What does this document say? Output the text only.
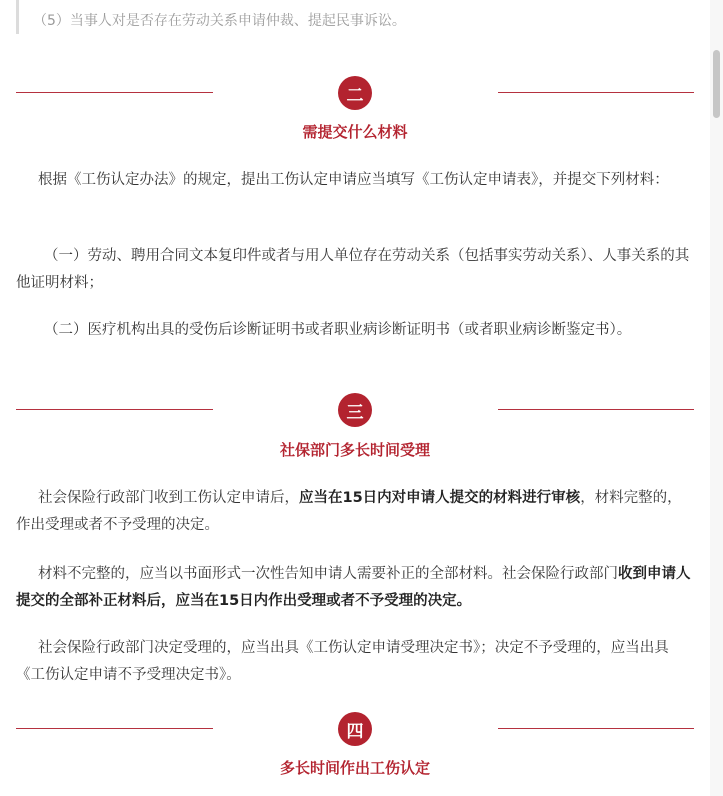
（5）当事人对是否存在劳动关系申请仲裁、提起民事诉讼。
二
需提交什么材料
根据《工伤认定办法》的规定，提出工伤认定申请应当填写《工伤认定申请表》，并提交下列材料：
（一）劳动、聘用合同文本复印件或者与用人单位存在劳动关系（包括事实劳动关系）、人事关系的其他证明材料；
（二）医疗机构出具的受伤后诊断证明书或者职业病诊断证明书（或者职业病诊断鉴定书）。
三
社保部门多长时间受理
社会保险行政部门收到工伤认定申请后，应当在15日内对申请人提交的材料进行审核，材料完整的，作出受理或者不予受理的决定。
材料不完整的，应当以书面形式一次性告知申请人需要补正的全部材料。社会保险行政部门收到申请人提交的全部补正材料后，应当在15日内作出受理或者不予受理的决定。
社会保险行政部门决定受理的，应当出具《工伤认定申请受理决定书》；决定不予受理的，应当出具《工伤认定申请不予受理决定书》。
四
多长时间作出工伤认定
